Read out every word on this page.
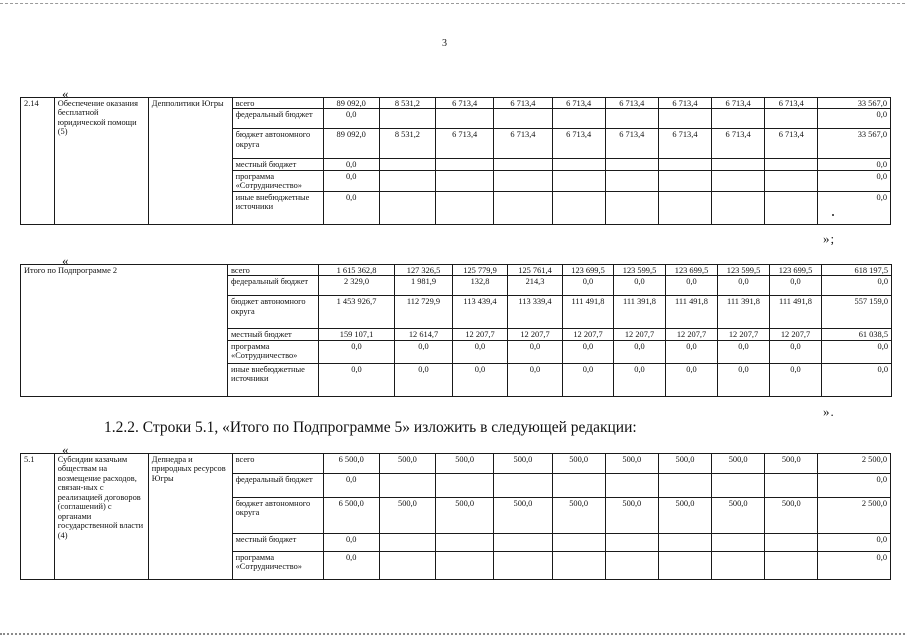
3
«
2.14	Обеспечение оказания бесплатной юридической помощи (5)	Депполитики Югры	всего	89 092,0	8 531,2	6 713,4	6 713,4	6 713,4	6 713,4	6 713,4	6 713,4	6 713,4	33 567,0
			федеральный бюджет	0,0									0,0
			бюджет автономного округа	89 092,0	8 531,2	6 713,4	6 713,4	6 713,4	6 713,4	6 713,4	6 713,4	6 713,4	33 567,0
			местный бюджет	0,0									0,0
			программа «Сотрудничество»	0,0									0,0
			иные внебюджетные источники	0,0									0,0
»;
«
Итого по Подпрограмме 2	всего	1 615 362,8	127 326,5	125 779,9	125 761,4	123 699,5	123 599,5	123 699,5	123 599,5	123 699,5	618 197,5
	федеральный бюджет	2 329,0	1 981,9	132,8	214,3	0,0	0,0	0,0	0,0	0,0	0,0
	бюджет автономного округа	1 453 926,7	112 729,9	113 439,4	113 339,4	111 491,8	111 391,8	111 491,8	111 391,8	111 491,8	557 159,0
	местный бюджет	159 107,1	12 614,7	12 207,7	12 207,7	12 207,7	12 207,7	12 207,7	12 207,7	12 207,7	61 038,5
	программа «Сотрудничество»	0,0	0,0	0,0	0,0	0,0	0,0	0,0	0,0	0,0	0,0
	иные внебюджетные источники	0,0	0,0	0,0	0,0	0,0	0,0	0,0	0,0	0,0	0,0
».
1.2.2. Строки 5.1, «Итого по Подпрограмме 5» изложить в следующей редакции:
«
5.1	Субсидии казачьим обществам на возмещение расходов, связан-ных с реализацией договоров (соглашений) с органами государственной власти (4)	Депнедра и природных ресурсов Югры	всего	6 500,0	500,0	500,0	500,0	500,0	500,0	500,0	500,0	500,0	2 500,0
			федеральный бюджет	0,0									0,0
			бюджет автономного округа	6 500,0	500,0	500,0	500,0	500,0	500,0	500,0	500,0	500,0	2 500,0
			местный бюджет	0,0									0,0
			программа «Сотрудничество»	0,0									0,0
